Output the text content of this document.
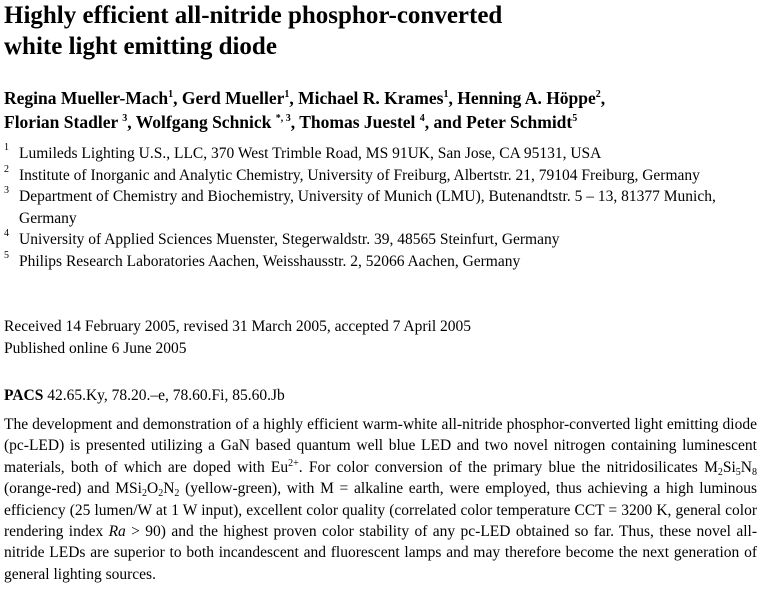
Highly efficient all-nitride phosphor-converted
white light emitting diode
Regina Mueller-Mach$^1$, Gerd Mueller$^1$, Michael R. Krames$^1$, Henning A. Höppe$^2$,
Florian Stadler $^3$, Wolfgang Schnick $^{*, 3}$, Thomas Juestel $^4$, and Peter Schmidt$^5$
1 Lumileds Lighting U.S., LLC, 370 West Trimble Road, MS 91UK, San Jose, CA 95131, USA
2 Institute of Inorganic and Analytic Chemistry, University of Freiburg, Albertstr. 21, 79104 Freiburg, Germany
3 Department of Chemistry and Biochemistry, University of Munich (LMU), Butenandtstr. 5 – 13, 81377 Munich, Germany
4 University of Applied Sciences Muenster, Stegerwaldstr. 39, 48565 Steinfurt, Germany
5 Philips Research Laboratories Aachen, Weisshausstr. 2, 52066 Aachen, Germany
Received 14 February 2005, revised 31 March 2005, accepted 7 April 2005
Published online 6 June 2005
PACS 42.65.Ky, 78.20.–e, 78.60.Fi, 85.60.Jb

The development and demonstration of a highly efficient warm-white all-nitride phosphor-converted light emitting diode (pc-LED) is presented utilizing a GaN based quantum well blue LED and two novel nitrogen containing luminescent materials, both of which are doped with $Eu^{2+}$. For color conversion of the primary blue the nitridosilicates $M_2Si_5N_8$ (orange-red) and $MSi_2O_2N_2$ (yellow-green), with M = alkaline earth, were employed, thus achieving a high luminous efficiency (25 lumen/W at 1 W input), excellent color quality (correlated color temperature CCT = 3200 K, general color rendering index Ra > 90) and the highest proven color stability of any pc-LED obtained so far. Thus, these novel all-nitride LEDs are superior to both incandescent and fluorescent lamps and may therefore become the next generation of general lighting sources.
